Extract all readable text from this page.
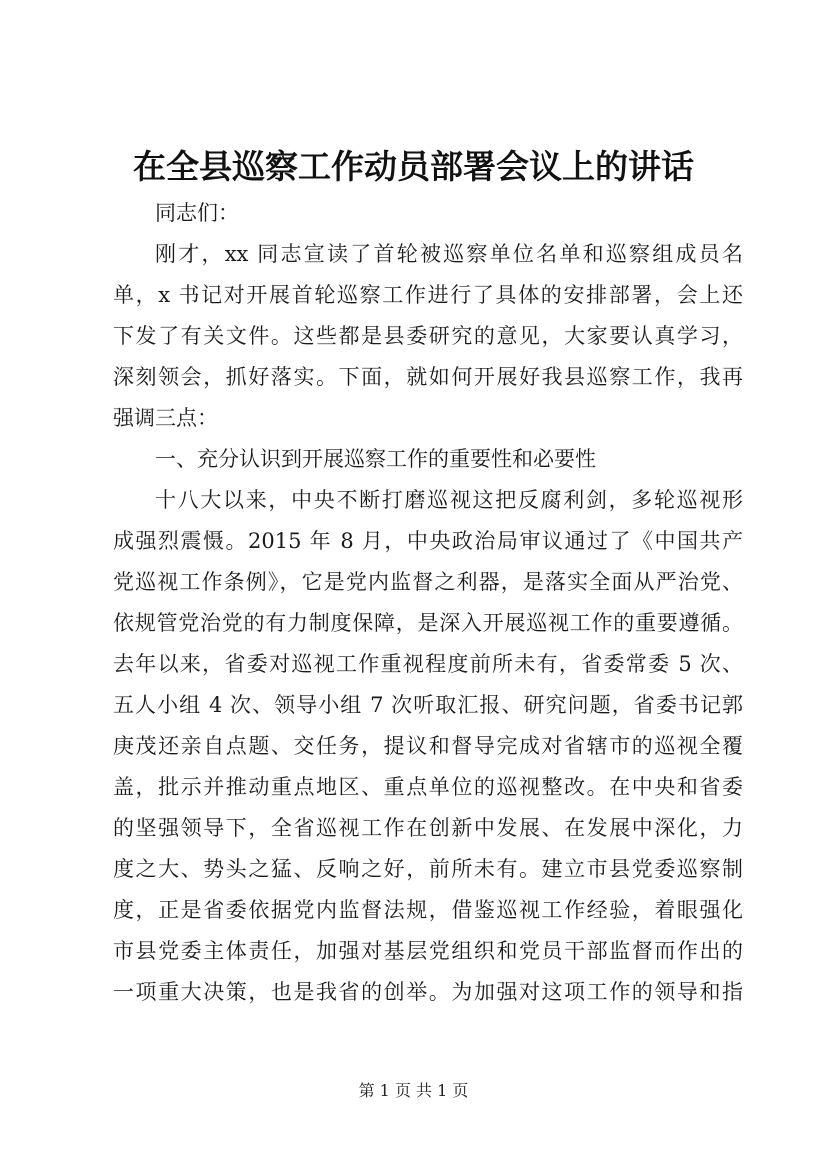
在全县巡察工作动员部署会议上的讲话
同志们：
刚才，xx 同志宣读了首轮被巡察单位名单和巡察组成员名
单，x 书记对开展首轮巡察工作进行了具体的安排部署，会上还
下发了有关文件。这些都是县委研究的意见，大家要认真学习，
深刻领会，抓好落实。下面，就如何开展好我县巡察工作，我再
强调三点：
一、充分认识到开展巡察工作的重要性和必要性
十八大以来，中央不断打磨巡视这把反腐利剑，多轮巡视形
成强烈震慑。2015 年 8 月，中央政治局审议通过了《中国共产
党巡视工作条例》，它是党内监督之利器，是落实全面从严治党、
依规管党治党的有力制度保障，是深入开展巡视工作的重要遵循。
去年以来，省委对巡视工作重视程度前所未有，省委常委 5 次、
五人小组 4 次、领导小组 7 次听取汇报、研究问题，省委书记郭
庚茂还亲自点题、交任务，提议和督导完成对省辖市的巡视全覆
盖，批示并推动重点地区、重点单位的巡视整改。在中央和省委
的坚强领导下，全省巡视工作在创新中发展、在发展中深化，力
度之大、势头之猛、反响之好，前所未有。建立市县党委巡察制
度，正是省委依据党内监督法规，借鉴巡视工作经验，着眼强化
市县党委主体责任，加强对基层党组织和党员干部监督而作出的
一项重大决策，也是我省的创举。为加强对这项工作的领导和指
第 1 页 共 1 页
